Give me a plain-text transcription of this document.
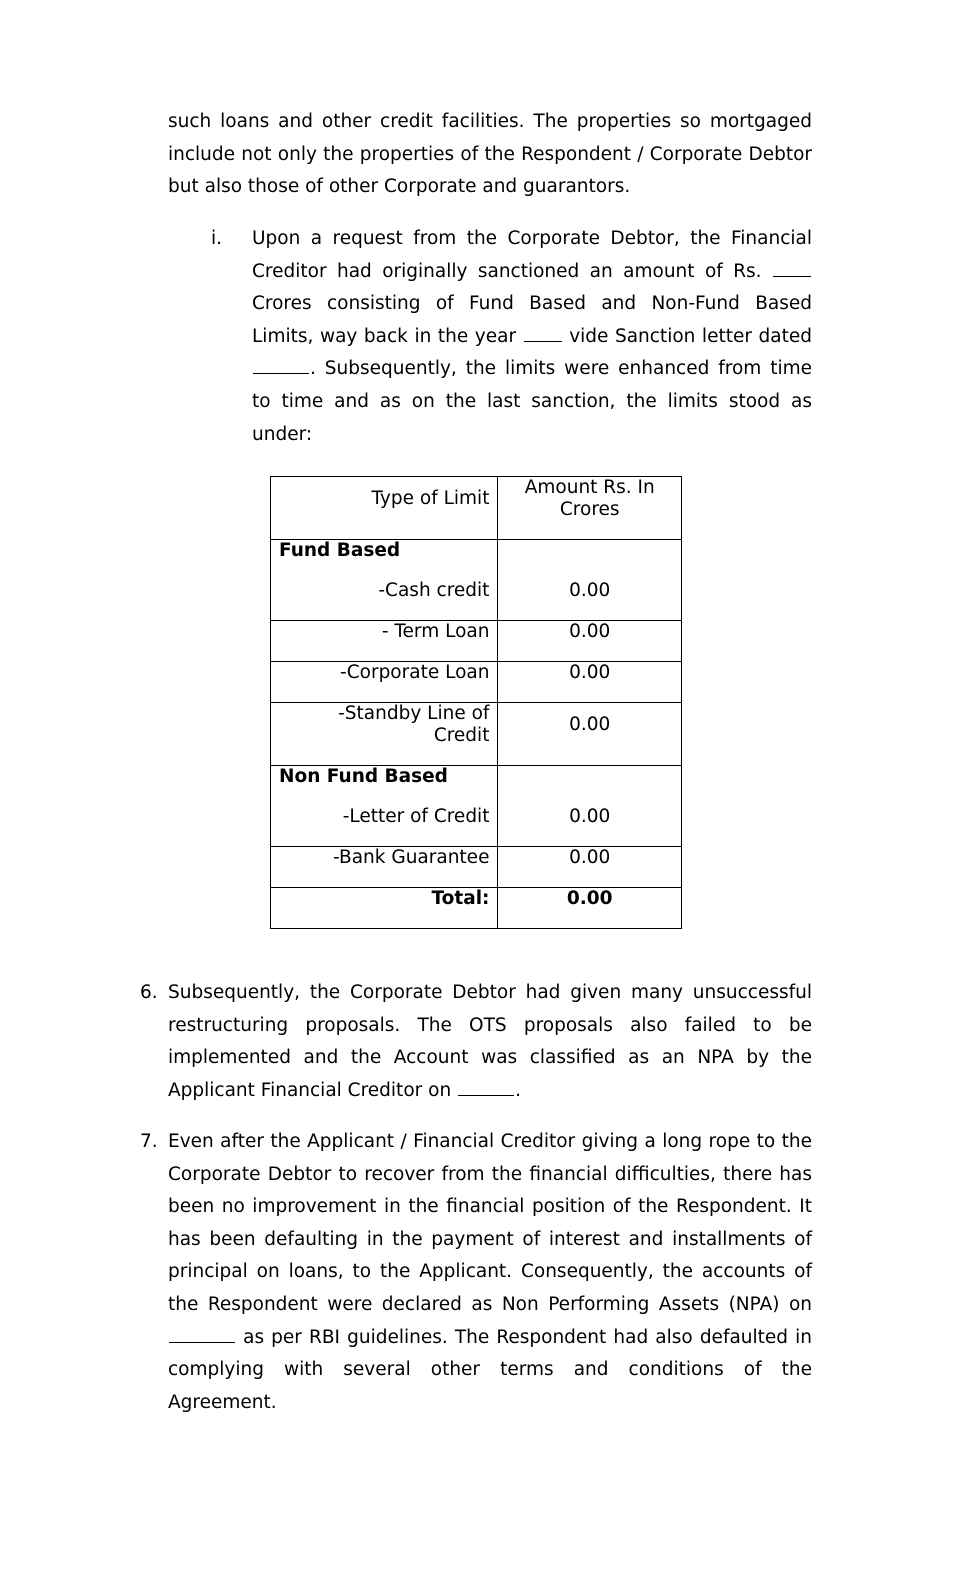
such loans and other credit facilities. The properties so mortgaged include not only the properties of the Respondent / Corporate Debtor but also those of other Corporate and guarantors.

i. Upon a request from the Corporate Debtor, the Financial Creditor had originally sanctioned an amount of Rs.  Crores consisting of Fund Based and Non-Fund Based Limits, way back in the year	vide Sanction letter dated . Subsequently, the limits were enhanced from time to time and as on the last sanction, the limits stood as under:

Type of Limit	Amount Rs. In Crores

Fund Based
-Cash credit	0.00

- Term Loan	0.00
-Corporate Loan	0.00
-Standby Line of Credit	0.00

Non Fund Based
-Letter of Credit	0.00

-Bank Guarantee	0.00
Total:	0.00
6. Subsequently, the Corporate Debtor had given many unsuccessful restructuring proposals. The OTS proposals also failed to be implemented and the Account was classified as an NPA by the Applicant Financial Creditor on	.

7. Even after the Applicant / Financial Creditor giving a long rope to the Corporate Debtor to recover from the financial difficulties, there has been no improvement in the financial position of the Respondent. It has been defaulting in the payment of interest and installments of principal on loans, to the Applicant. Consequently, the accounts of the Respondent were declared as Non Performing Assets (NPA) on  as per RBI guidelines. The Respondent had also defaulted in complying with several other terms and conditions of the Agreement.
